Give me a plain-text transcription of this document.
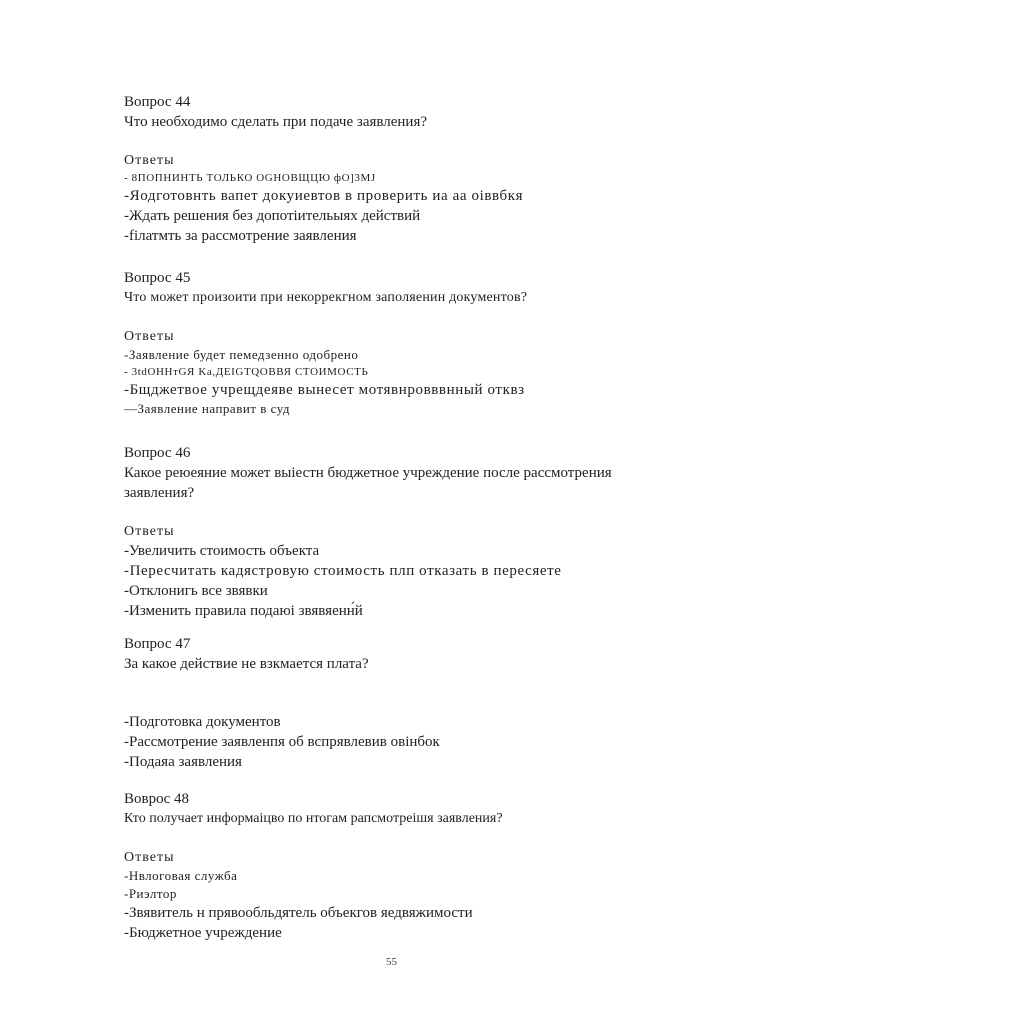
Вопрос 44

Что необходимо сделать при подаче заявления?

Ответы

- 8ПОПНИНТЬ ТОЛЬКО OGНОВЩЦЮ фО]3МJ

-Яодготовнть вапет докуиевтов в проверить иа аа оiввбкя

-Ждать решения без допотiительыях действий

-fiлатмть за рассмотрение заявления

Вопрос 45

Что может произоити при некоррекгном заполяенин документов?

Ответы

-Заявление будет пемедзенно одобрено

- 3tdОНHтGЯ Ka,ДEIGTQОВВЯ СТОИМОСТЬ

-Бщджетвое учрещдеяве вынесет мотявнровввнный отквз

—Заявление направит в суд

Вопрос 46

Какое реюеяние может выiестн бюджетное учреждение после рассмотрения заявления?

Ответы

-Увеличить стоимость объекта

-Пересчитать кадястровую стоимость плп отказать в пересяете

-Отклонигь все звявки

-Изменить правила подаюі звявяенн́й

Вопрос 47

За какое действие не взкмается плата?

-Подготовка документов

-Рассмотрение заявленпя об вспрявлевив овінбок

-Подаяа заявления

Вовроc 48

Кто получает информаiцво по нтогам рапсмотреiшя заявления?

Ответы

-Нвлоговая служба

-Риэлтор

-Звявитель н прявообльдятель объекгов яедвяжимости

-Бюджетное учреждение

55
